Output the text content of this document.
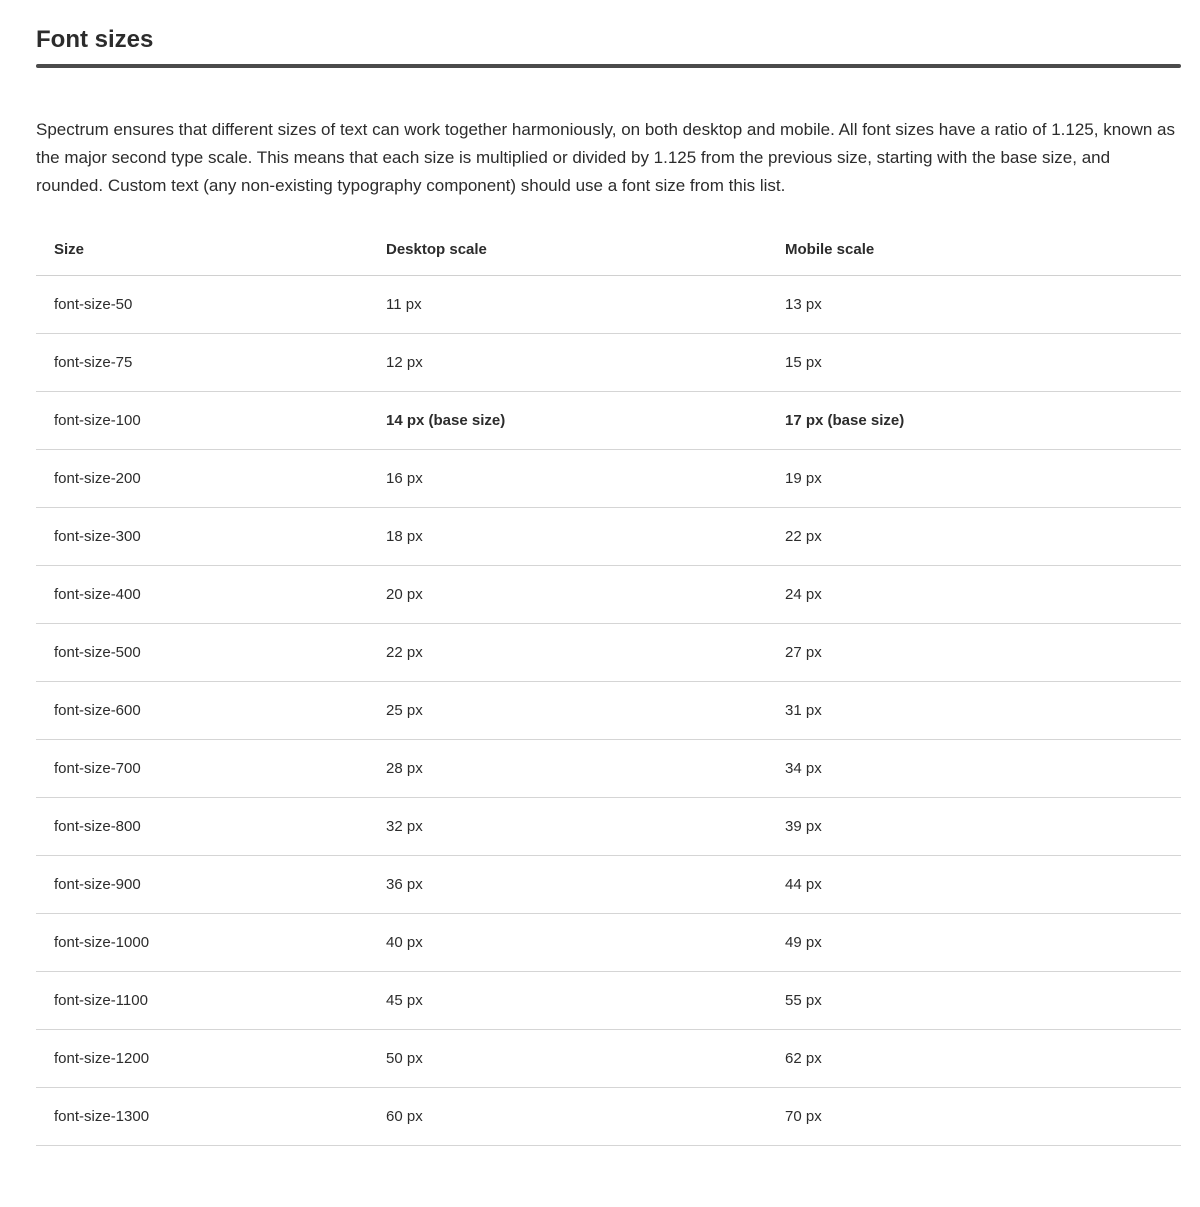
Font sizes

Spectrum ensures that different sizes of text can work together harmoniously, on both desktop and mobile. All font sizes have a ratio of 1.125, known as the major second type scale. This means that each size is multiplied or divided by 1.125 from the previous size, starting with the base size, and rounded. Custom text (any non-existing typography component) should use a font size from this list.

Size	Desktop scale	Mobile scale
font-size-50	11 px	13 px
font-size-75	12 px	15 px
font-size-100	14 px (base size)	17 px (base size)
font-size-200	16 px	19 px
font-size-300	18 px	22 px
font-size-400	20 px	24 px
font-size-500	22 px	27 px
font-size-600	25 px	31 px
font-size-700	28 px	34 px
font-size-800	32 px	39 px
font-size-900	36 px	44 px
font-size-1000	40 px	49 px
font-size-1100	45 px	55 px
font-size-1200	50 px	62 px
font-size-1300	60 px	70 px
